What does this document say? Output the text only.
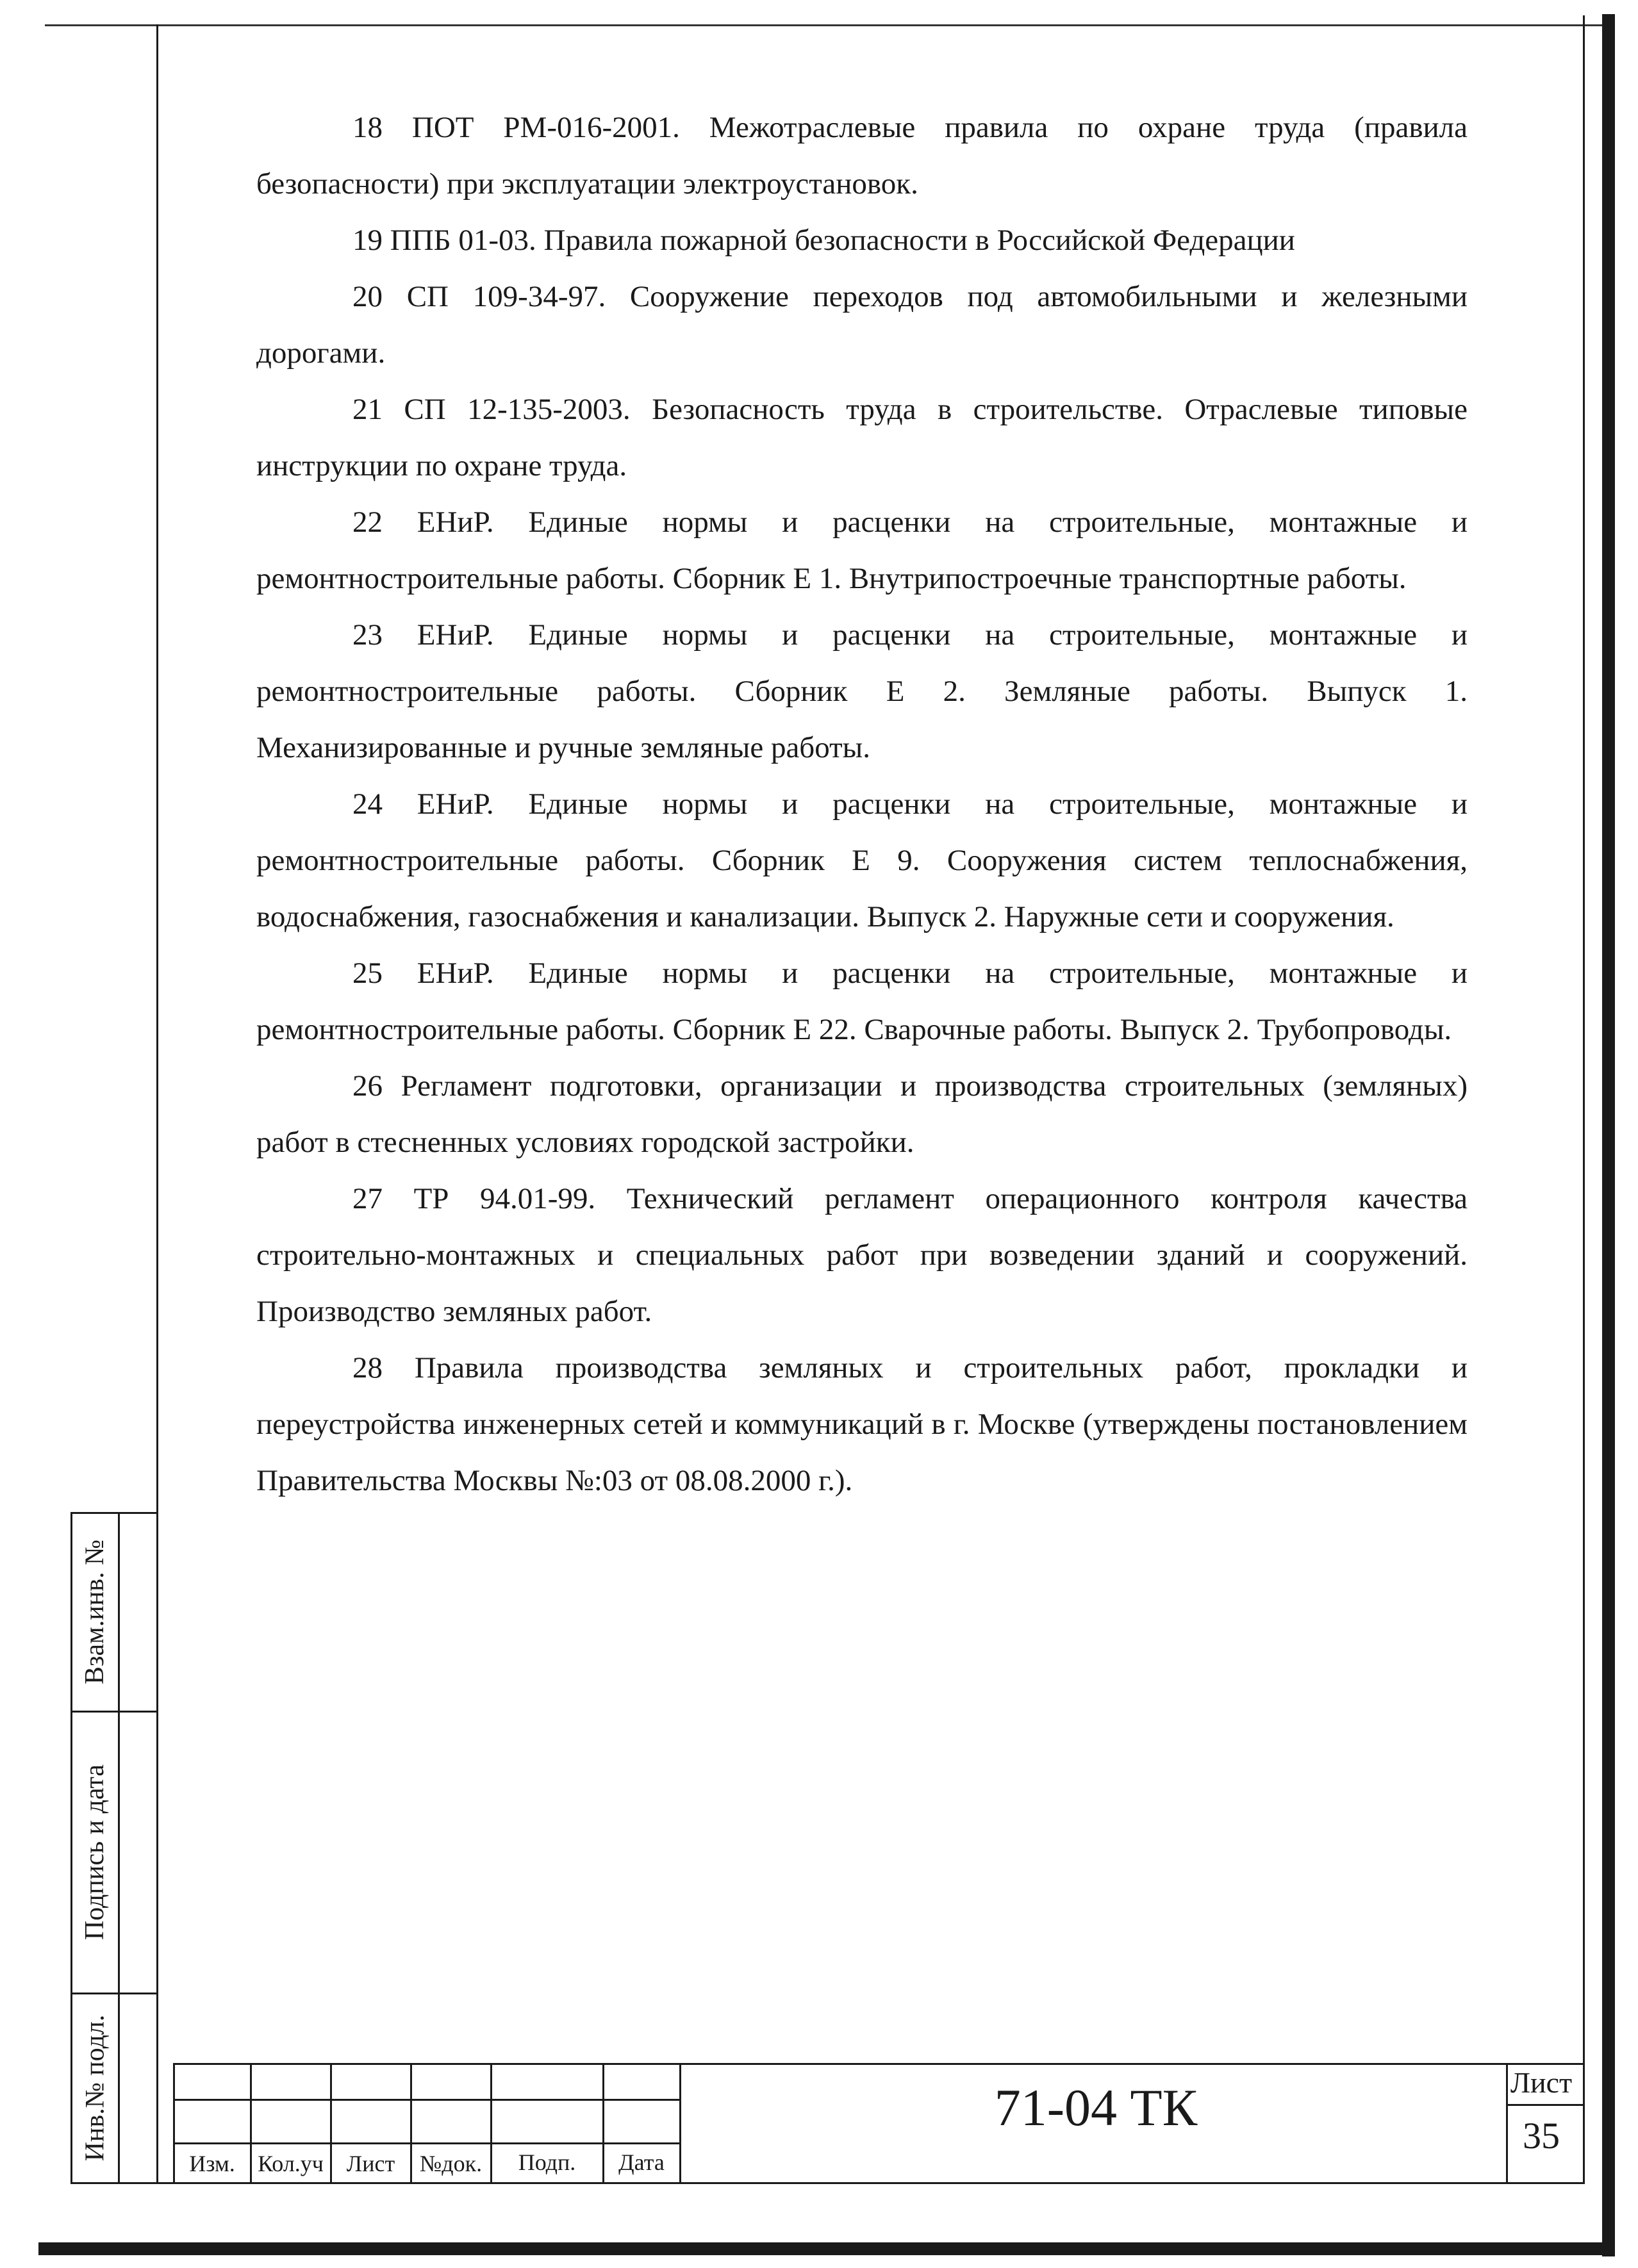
18 ПОТ РМ-016-2001. Межотраслевые правила по охране труда (правила безопасности) при эксплуатации электроустановок.

19 ППБ 01-03. Правила пожарной безопасности в Российской Федерации

20 СП 109-34-97. Сооружение переходов под автомобильными и железными дорогами.

21 СП 12-135-2003. Безопасность труда в строительстве. Отраслевые типовые инструкции по охране труда.

22 ЕНиР. Единые нормы и расценки на строительные, монтажные и ремонтностроительные работы. Сборник Е 1. Внутрипостроечные транспортные работы.

23 ЕНиР. Единые нормы и расценки на строительные, монтажные и ремонтностроительные работы. Сборник Е 2. Земляные работы. Выпуск 1. Механизированные и ручные земляные работы.

24 ЕНиР. Единые нормы и расценки на строительные, монтажные и ремонтностроительные работы. Сборник Е 9. Сооружения систем теплоснабжения, водоснабжения, газоснабжения и канализации. Выпуск 2. Наружные сети и сооружения.

25 ЕНиР. Единые нормы и расценки на строительные, монтажные и ремонтностроительные работы. Сборник Е 22. Сварочные работы. Выпуск 2. Трубопроводы.

26 Регламент подготовки, организации и производства строительных (земляных) работ в стесненных условиях городской застройки.

27 ТР 94.01-99. Технический регламент операционного контроля качества строительно-монтажных и специальных работ при возведении зданий и сооружений. Производство земляных работ.

28 Правила производства земляных и строительных работ, прокладки и переустройства инженерных сетей и коммуникаций в г. Москве (утверждены постановлением Правительства Москвы №:03 от 08.08.2000 г.).

Взам.инв. №
Подпись и дата
Инв.№ подл.
Изм. Кол.уч Лист	№док.	Подп.	Дата
71-04 ТК	Лист
35
